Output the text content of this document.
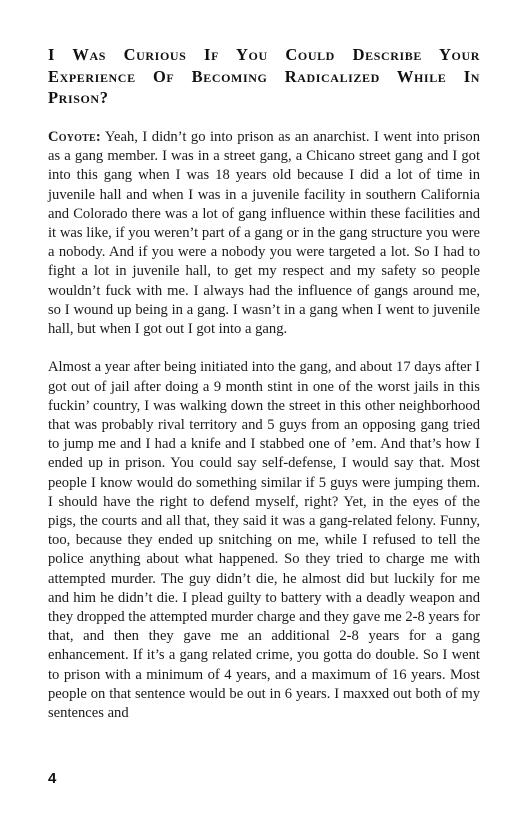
I Was Curious If You Could Describe Your Experience Of Becoming Radicalized While In Prison?

Coyote: Yeah, I didn’t go into prison as an anarchist. I went into prison as a gang member. I was in a street gang, a Chicano street gang and I got into this gang when I was 18 years old because I did a lot of time in juvenile hall and when I was in a juvenile facility in southern California and Colorado there was a lot of gang influence within these facilities and it was like, if you weren’t part of a gang or in the gang structure you were a nobody. And if you were a nobody you were targeted a lot. So I had to fight a lot in juvenile hall, to get my respect and my safety so people wouldn’t fuck with me. I always had the influence of gangs around me, so I wound up being in a gang. I wasn’t in a gang when I went to juvenile hall, but when I got out I got into a gang.

Almost a year after being initiated into the gang, and about 17 days after I got out of jail after doing a 9 month stint in one of the worst jails in this fuckin’ country, I was walking down the street in this other neighborhood that was probably rival territory and 5 guys from an opposing gang tried to jump me and I had a knife and I stabbed one of ’em. And that’s how I ended up in prison. You could say self-defense, I would say that. Most people I know would do something similar if 5 guys were jumping them. I should have the right to defend myself, right? Yet, in the eyes of the pigs, the courts and all that, they said it was a gang-related felony. Funny, too, because they ended up snitching on me, while I refused to tell the police anything about what happened. So they tried to charge me with attempted murder. The guy didn’t die, he almost did but luckily for me and him he didn’t die. I plead guilty to battery with a deadly weapon and they dropped the attempted murder charge and they gave me 2-8 years for that, and then they gave me an additional 2-8 years for a gang enhancement. If it’s a gang related crime, you gotta do double. So I went to prison with a minimum of 4 years, and a maximum of 16 years. Most people on that sentence would be out in 6 years. I maxxed out both of my sentences and

4
